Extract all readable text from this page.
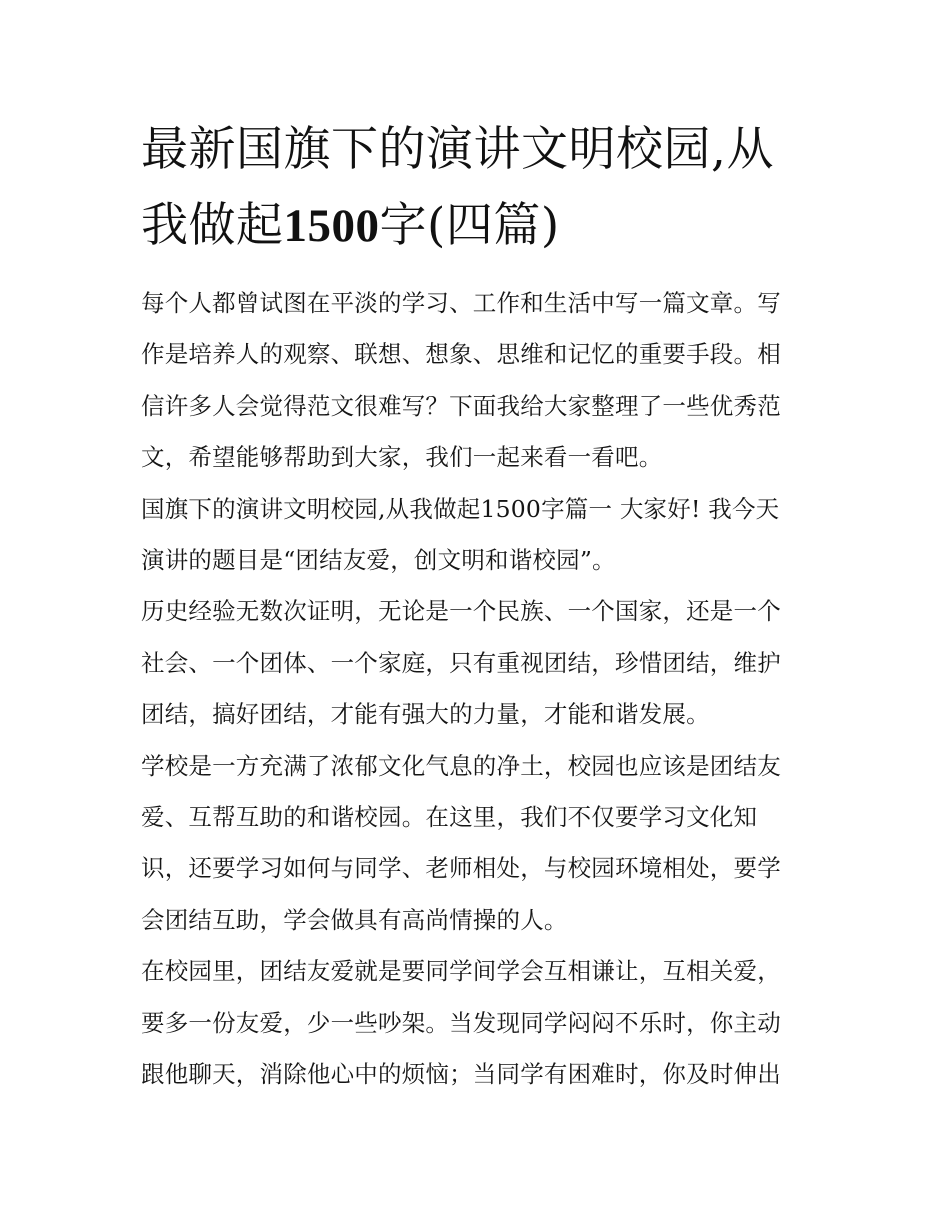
最新国旗下的演讲文明校园,从
我做起1500字(四篇)

每个人都曾试图在平淡的学习、工作和生活中写一篇文章。写
作是培养人的观察、联想、想象、思维和记忆的重要手段。相
信许多人会觉得范文很难写？下面我给大家整理了一些优秀范
文，希望能够帮助到大家，我们一起来看一看吧。

国旗下的演讲文明校园,从我做起1500字篇一 大家好! 我今天
演讲的题目是“团结友爱，创文明和谐校园”。

历史经验无数次证明，无论是一个民族、一个国家，还是一个
社会、一个团体、一个家庭，只有重视团结，珍惜团结，维护
团结，搞好团结，才能有强大的力量，才能和谐发展。

学校是一方充满了浓郁文化气息的净土，校园也应该是团结友
爱、互帮互助的和谐校园。在这里，我们不仅要学习文化知
识，还要学习如何与同学、老师相处，与校园环境相处，要学
会团结互助，学会做具有高尚情操的人。

在校园里，团结友爱就是要同学间学会互相谦让，互相关爱，
要多一份友爱，少一些吵架。当发现同学闷闷不乐时，你主动
跟他聊天，消除他心中的烦恼；当同学有困难时，你及时伸出
